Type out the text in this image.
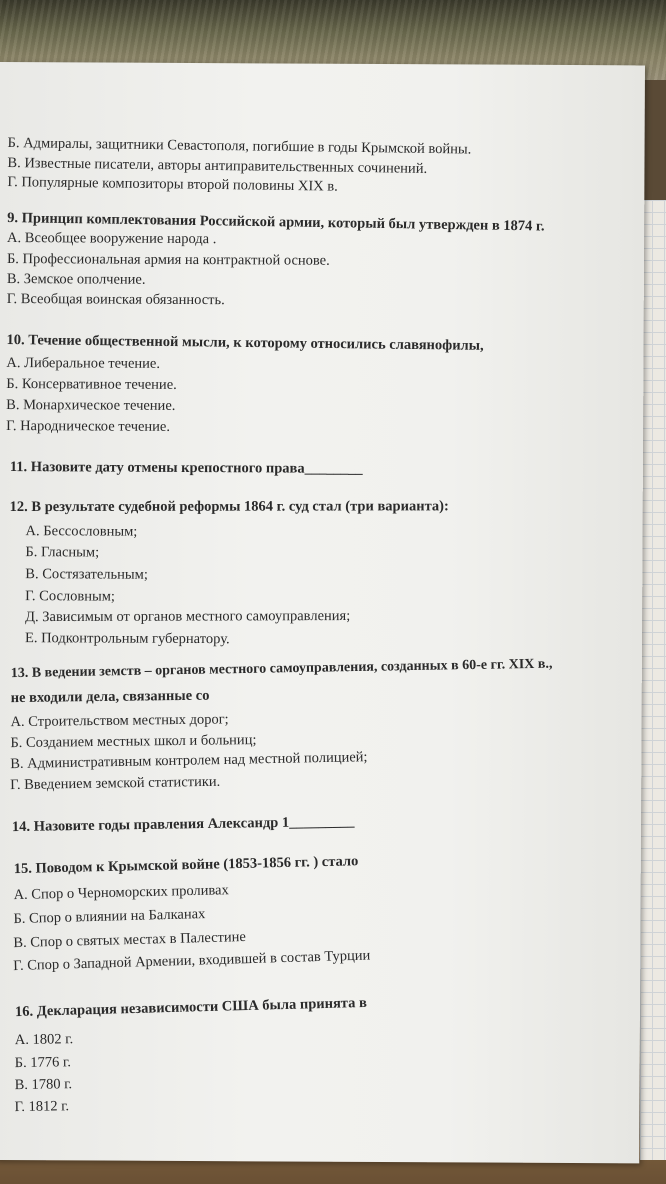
Б. Адмиралы, защитники Севастополя, погибшие в годы Крымской войны.
В. Известные писатели, авторы антиправительственных сочинений.
Г. Популярные композиторы второй половины XIX в.
9. Принцип комплектования Российской армии, который был утвержден в 1874 г.
А. Всеобщее вооружение народа .
Б. Профессиональная армия на контрактной основе.
В. Земское ополчение.
Г. Всеобщая воинская обязанность.
10. Течение общественной мысли, к которому относились славянофилы,
А. Либеральное течение.
Б. Консервативное течение.
В. Монархическое течение.
Г. Народническое течение.
11. Назовите дату отмены крепостного права________
12. В результате судебной реформы 1864 г. суд стал (три варианта):
А. Бессословным;
Б. Гласным;
В. Состязательным;
Г. Сословным;
Д. Зависимым от органов местного самоуправления;
Е. Подконтрольным губернатору.
13. В ведении земств – органов местного самоуправления, созданных в 60-е гг. XIX в.,
не входили дела, связанные со
А. Строительством местных дорог;
Б. Созданием местных школ и больниц;
В. Административным контролем над местной полицией;
Г. Введением земской статистики.
14. Назовите годы правления Александр 1_________
15. Поводом к Крымской войне (1853-1856 гг. ) стало
А. Спор о Черноморских проливах
Б. Спор о влиянии на Балканах
В. Спор о святых местах в Палестине
Г. Спор о Западной Армении, входившей в состав Турции
16. Декларация независимости США была принята в
А. 1802 г.
Б. 1776 г.
В. 1780 г.
Г. 1812 г.
